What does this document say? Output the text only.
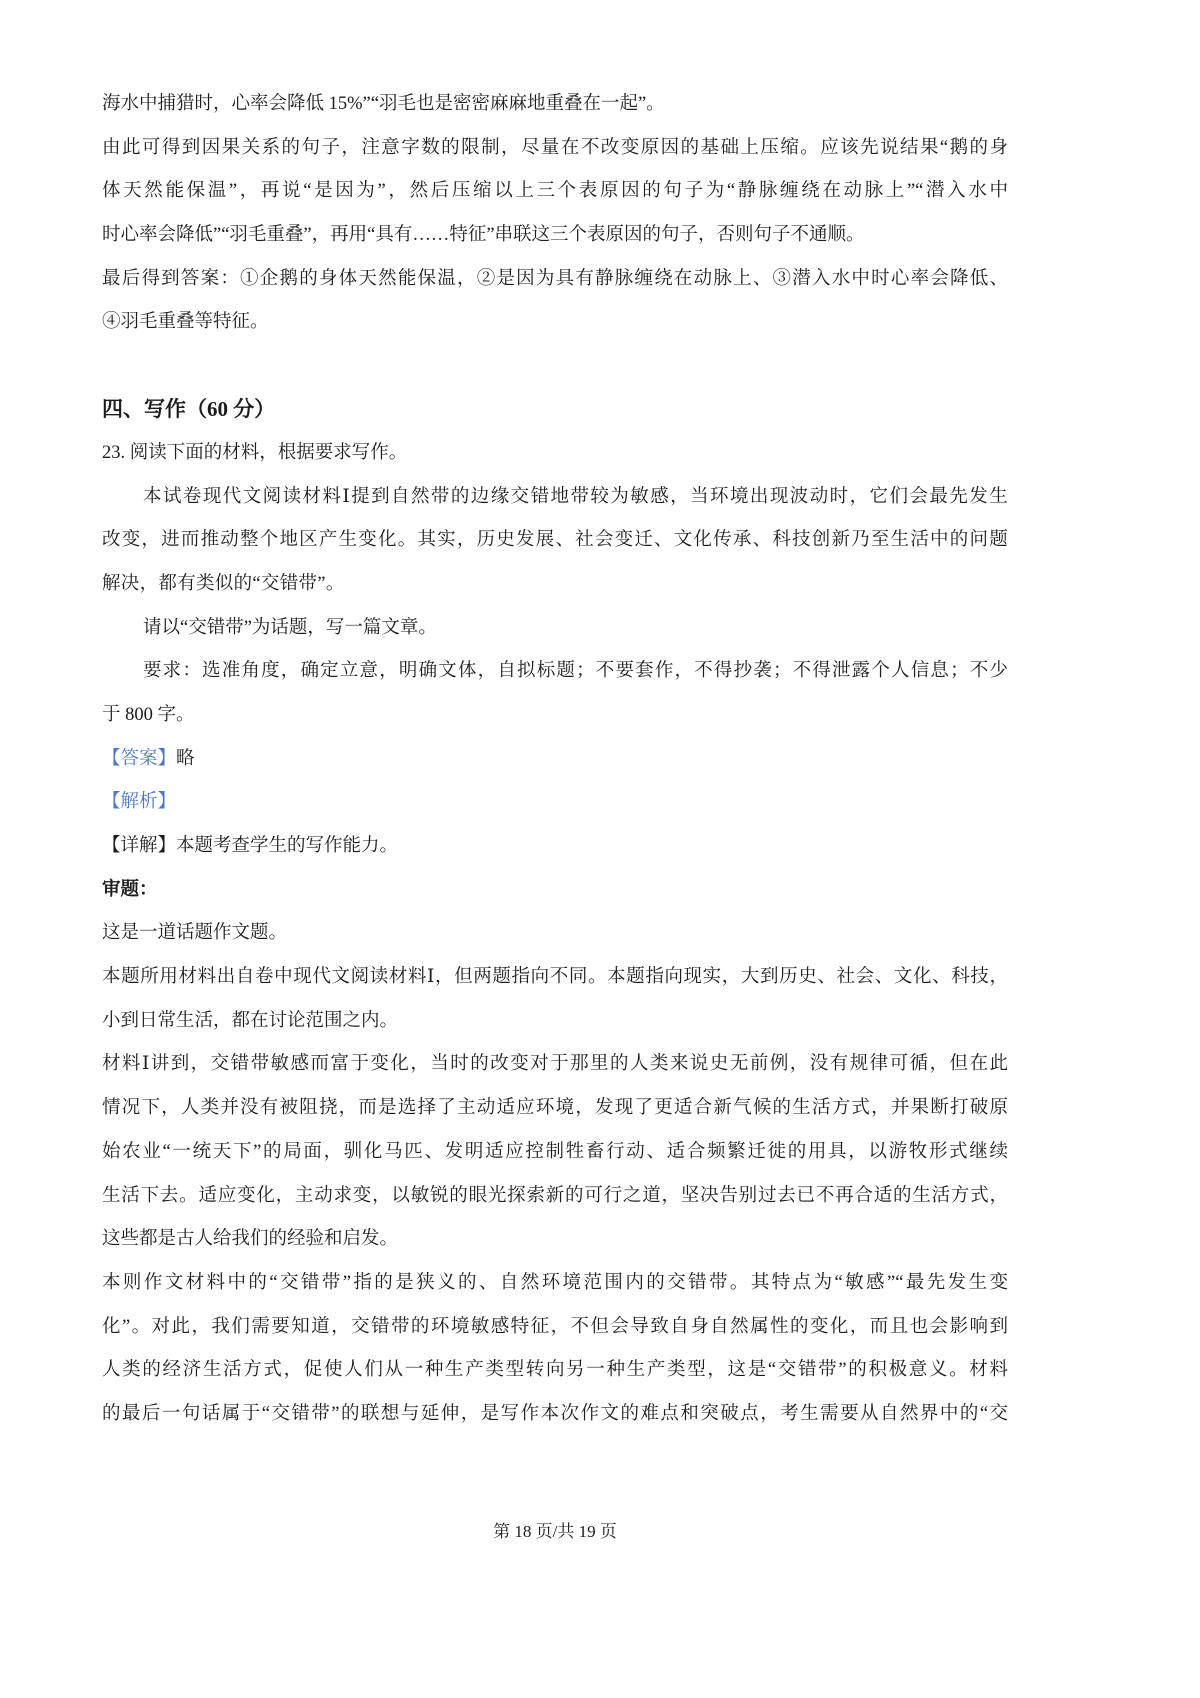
海水中捕猎时，心率会降低 15%”“羽毛也是密密麻麻地重叠在一起”。
由此可得到因果关系的句子，注意字数的限制，尽量在不改变原因的基础上压缩。应该先说结果“鹅的身
体天然能保温”，再说“是因为”，然后压缩以上三个表原因的句子为“静脉缠绕在动脉上”“潜入水中
时心率会降低”“羽毛重叠”，再用“具有……特征”串联这三个表原因的句子，否则句子不通顺。
最后得到答案：①企鹅的身体天然能保温，②是因为具有静脉缠绕在动脉上、③潜入水中时心率会降低、
④羽毛重叠等特征。
四、写作（60 分）
23. 阅读下面的材料，根据要求写作。
本试卷现代文阅读材料Ⅰ提到自然带的边缘交错地带较为敏感，当环境出现波动时，它们会最先发生
改变，进而推动整个地区产生变化。其实，历史发展、社会变迁、文化传承、科技创新乃至生活中的问题
解决，都有类似的“交错带”。
请以“交错带”为话题，写一篇文章。
要求：选准角度，确定立意，明确文体，自拟标题；不要套作，不得抄袭；不得泄露个人信息；不少
于 800 字。
【答案】略
【解析】
【详解】本题考查学生的写作能力。
审题：
这是一道话题作文题。
本题所用材料出自卷中现代文阅读材料Ⅰ，但两题指向不同。本题指向现实，大到历史、社会、文化、科技，
小到日常生活，都在讨论范围之内。
材料Ⅰ讲到，交错带敏感而富于变化，当时的改变对于那里的人类来说史无前例，没有规律可循，但在此
情况下，人类并没有被阻挠，而是选择了主动适应环境，发现了更适合新气候的生活方式，并果断打破原
始农业“一统天下”的局面，驯化马匹、发明适应控制牲畜行动、适合频繁迁徙的用具，以游牧形式继续
生活下去。适应变化，主动求变，以敏锐的眼光探索新的可行之道，坚决告别过去已不再合适的生活方式，
这些都是古人给我们的经验和启发。
本则作文材料中的“交错带”指的是狭义的、自然环境范围内的交错带。其特点为“敏感”“最先发生变
化”。对此，我们需要知道，交错带的环境敏感特征，不但会导致自身自然属性的变化，而且也会影响到
人类的经济生活方式，促使人们从一种生产类型转向另一种生产类型，这是“交错带”的积极意义。材料
的最后一句话属于“交错带”的联想与延伸，是写作本次作文的难点和突破点，考生需要从自然界中的“交
第 18 页/共 19 页
